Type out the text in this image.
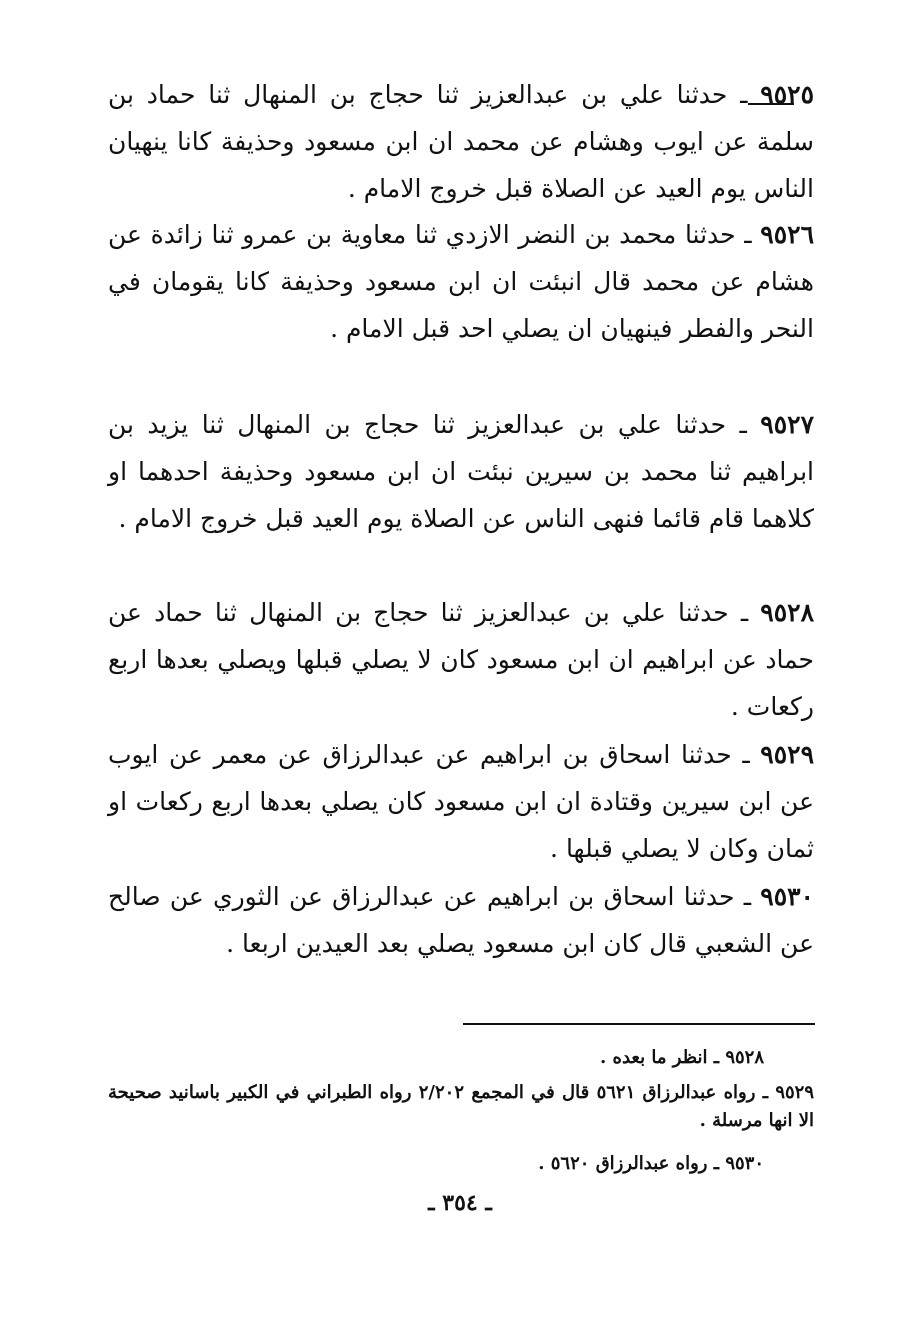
٩٥٢٥ ـ حدثنا علي بن عبدالعزيز ثنا حجاج بن المنهال ثنا حماد بن سلمة عن ايوب وهشام عن محمد ان ابن مسعود وحذيفة كانا ينهيان الناس يوم العيد عن الصلاة قبل خروج الامام .
٩٥٢٦ ـ حدثنا محمد بن النضر الازدي ثنا معاوية بن عمرو ثنا زائدة عن هشام عن محمد قال انبئت ان ابن مسعود وحذيفة كانا يقومان في النحر والفطر فينهيان ان يصلي احد قبل الامام .
٩٥٢٧ ـ حدثنا علي بن عبدالعزيز ثنا حجاج بن المنهال ثنا يزيد بن ابراهيم ثنا محمد بن سيرين نبئت ان ابن مسعود وحذيفة احدهما او كلاهما قام قائما فنهى الناس عن الصلاة يوم العيد قبل خروج الامام .
٩٥٢٨ ـ حدثنا علي بن عبدالعزيز ثنا حجاج بن المنهال ثنا حماد عن حماد عن ابراهيم ان ابن مسعود كان لا يصلي قبلها ويصلي بعدها اربع ركعات .
٩٥٢٩ ـ حدثنا اسحاق بن ابراهيم عن عبدالرزاق عن معمر عن ايوب عن ابن سيرين وقتادة ان ابن مسعود كان يصلي بعدها اربع ركعات او ثمان وكان لا يصلي قبلها .
٩٥٣٠ ـ حدثنا اسحاق بن ابراهيم عن عبدالرزاق عن الثوري عن صالح عن الشعبي قال كان ابن مسعود يصلي بعد العيدين اربعا .
٩٥٢٨ ـ انظر ما بعده .
٩٥٢٩ ـ رواه عبدالرزاق ٥٦٢١ قال في المجمع ٢/٢٠٢ رواه الطبراني في الكبير باسانيد صحيحة الا انها مرسلة .
٩٥٣٠ ـ رواه عبدالرزاق ٥٦٢٠ .
ـ ٣٥٤ ـ
